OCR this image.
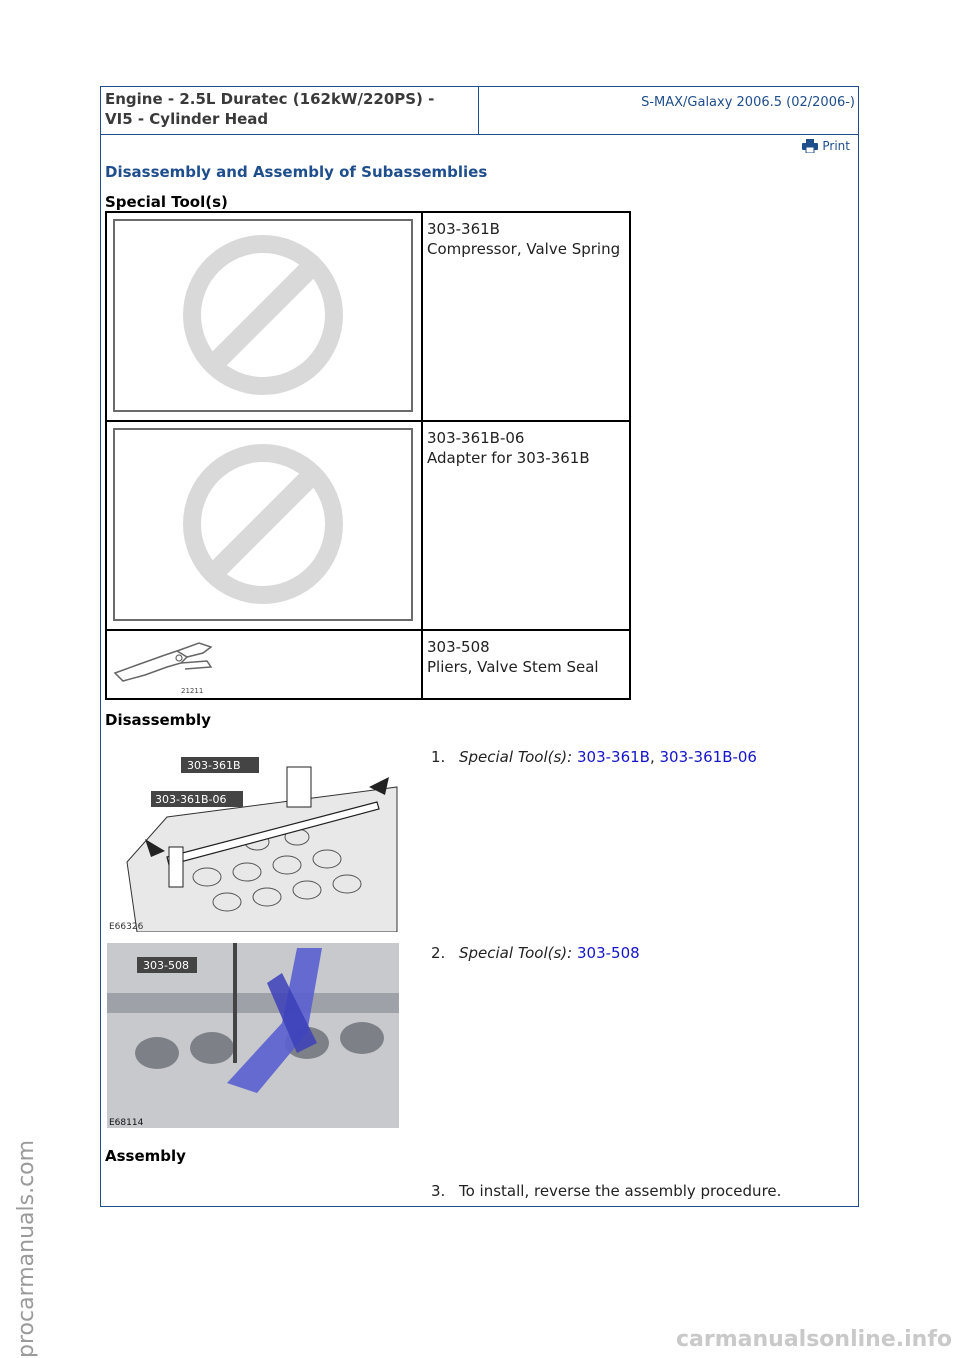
Engine - 2.5L Duratec (162kW/220PS) -
VI5 - Cylinder Head
S-MAX/Galaxy 2006.5 (02/2006-)
Print
Disassembly and Assembly of Subassemblies
Special Tool(s)
303-361B
Compressor, Valve Spring
303-361B-06
Adapter for 303-361B
21211
303-508
Pliers, Valve Stem Seal
Disassembly
303-361B
303-361B-06
E66326
1. Special Tool(s): 303-361B, 303-361B-06
303-508
E68114
2. Special Tool(s): 303-508
Assembly
3. To install, reverse the assembly procedure.
procarmanuals.com	carmanualsonline.info
